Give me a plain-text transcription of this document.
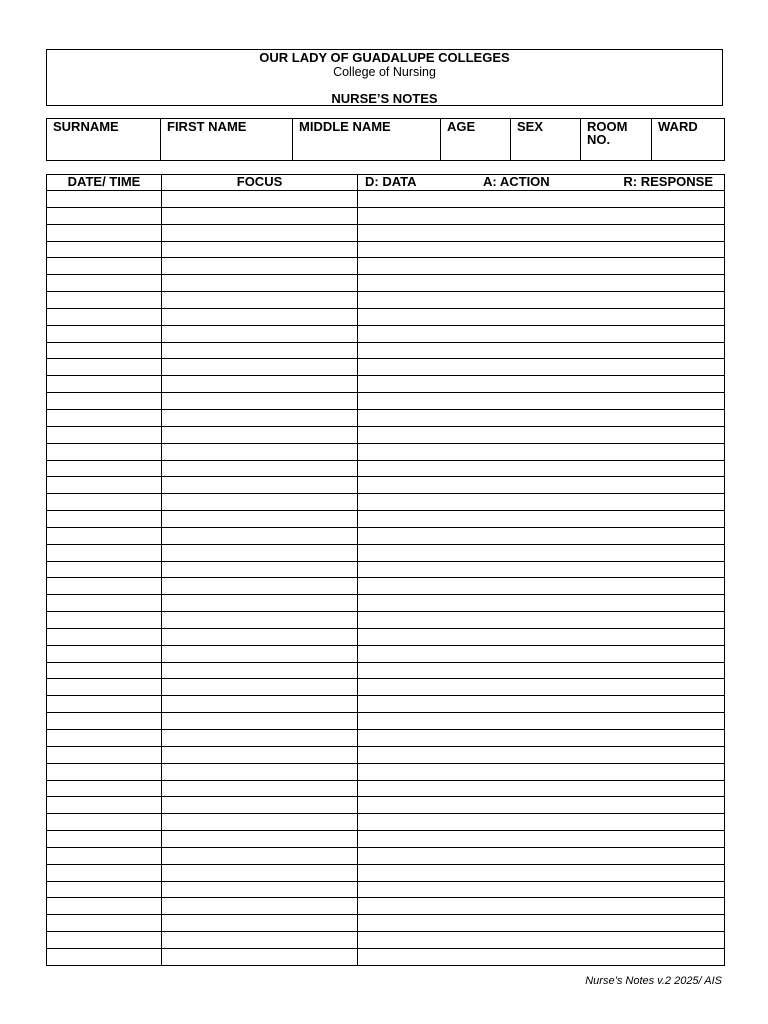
OUR LADY OF GUADALUPE COLLEGES
College of Nursing
NURSE’S NOTES
SURNAME	FIRST NAME	MIDDLE NAME	AGE	SEX	ROOM NO.	WARD
DATE/ TIME	FOCUS	D: DATA A: ACTION R: RESPONSE

Nurse’s Notes v.2 2025/ AIS
